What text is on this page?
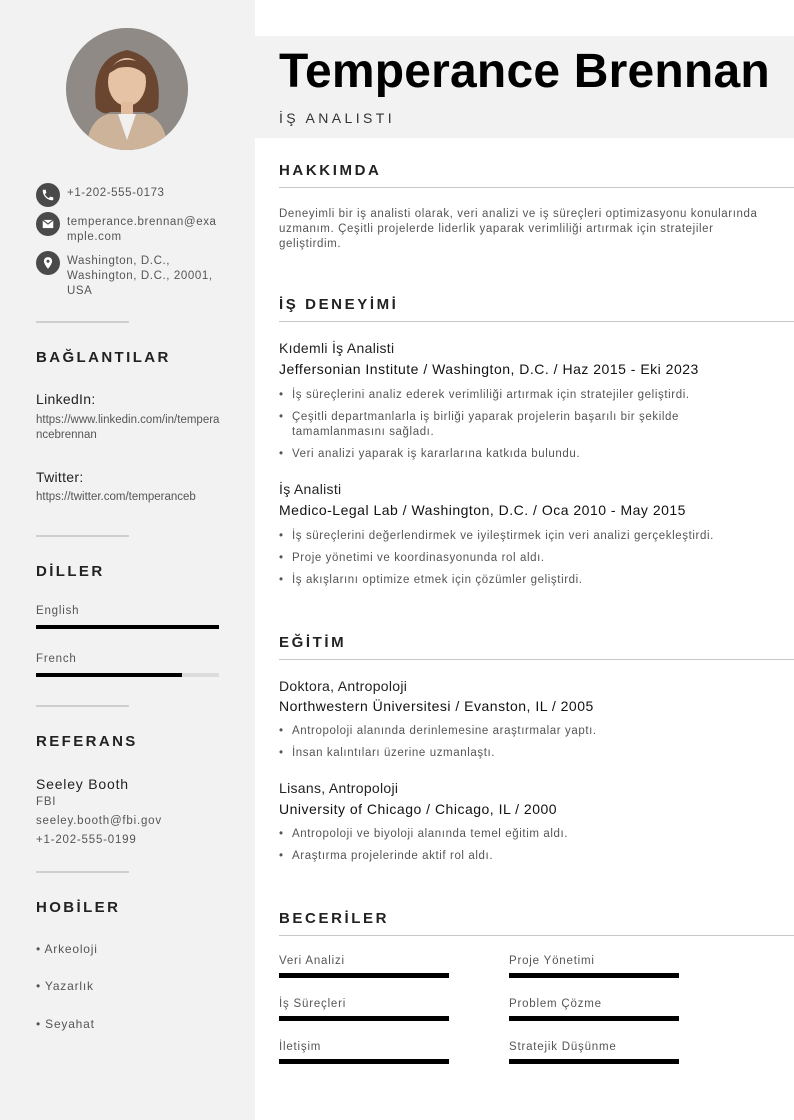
+1-202-555-0173
temperance.brennan@example.com
Washington, D.C., Washington, D.C., 20001, USA
BAĞLANTILAR
LinkedIn:
https://www.linkedin.com/in/temperancebrennan
Twitter:
https://twitter.com/temperanceb
DİLLER
English
French
REFERANS
Seeley Booth
FBI
seeley.booth@fbi.gov
+1-202-555-0199
HOBİLER
• Arkeoloji
• Yazarlık
• Seyahat
Temperance Brennan
İŞ ANALISTI
HAKKIMDA
Deneyimli bir iş analisti olarak, veri analizi ve iş süreçleri optimizasyonu konularında uzmanım. Çeşitli projelerde liderlik yaparak verimliliği artırmak için stratejiler geliştirdim.
İŞ DENEYİMİ
Kıdemli İş Analisti
Jeffersonian Institute / Washington, D.C. / Haz 2015 - Eki 2023
• İş süreçlerini analiz ederek verimliliği artırmak için stratejiler geliştirdi.
• Çeşitli departmanlarla iş birliği yaparak projelerin başarılı bir şekilde tamamlanmasını sağladı.
• Veri analizi yaparak iş kararlarına katkıda bulundu.
İş Analisti
Medico-Legal Lab / Washington, D.C. / Oca 2010 - May 2015
• İş süreçlerini değerlendirmek ve iyileştirmek için veri analizi gerçekleştirdi.
• Proje yönetimi ve koordinasyonunda rol aldı.
• İş akışlarını optimize etmek için çözümler geliştirdi.
EĞİTİM
Doktora, Antropoloji
Northwestern Üniversitesi / Evanston, IL / 2005
• Antropoloji alanında derinlemesine araştırmalar yaptı.
• İnsan kalıntıları üzerine uzmanlaştı.
Lisans, Antropoloji
University of Chicago / Chicago, IL / 2000
• Antropoloji ve biyoloji alanında temel eğitim aldı.
• Araştırma projelerinde aktif rol aldı.
BECERİLER
Veri Analizi	Proje Yönetimi
İş Süreçleri	Problem Çözme
İletişim	Stratejik Düşünme
